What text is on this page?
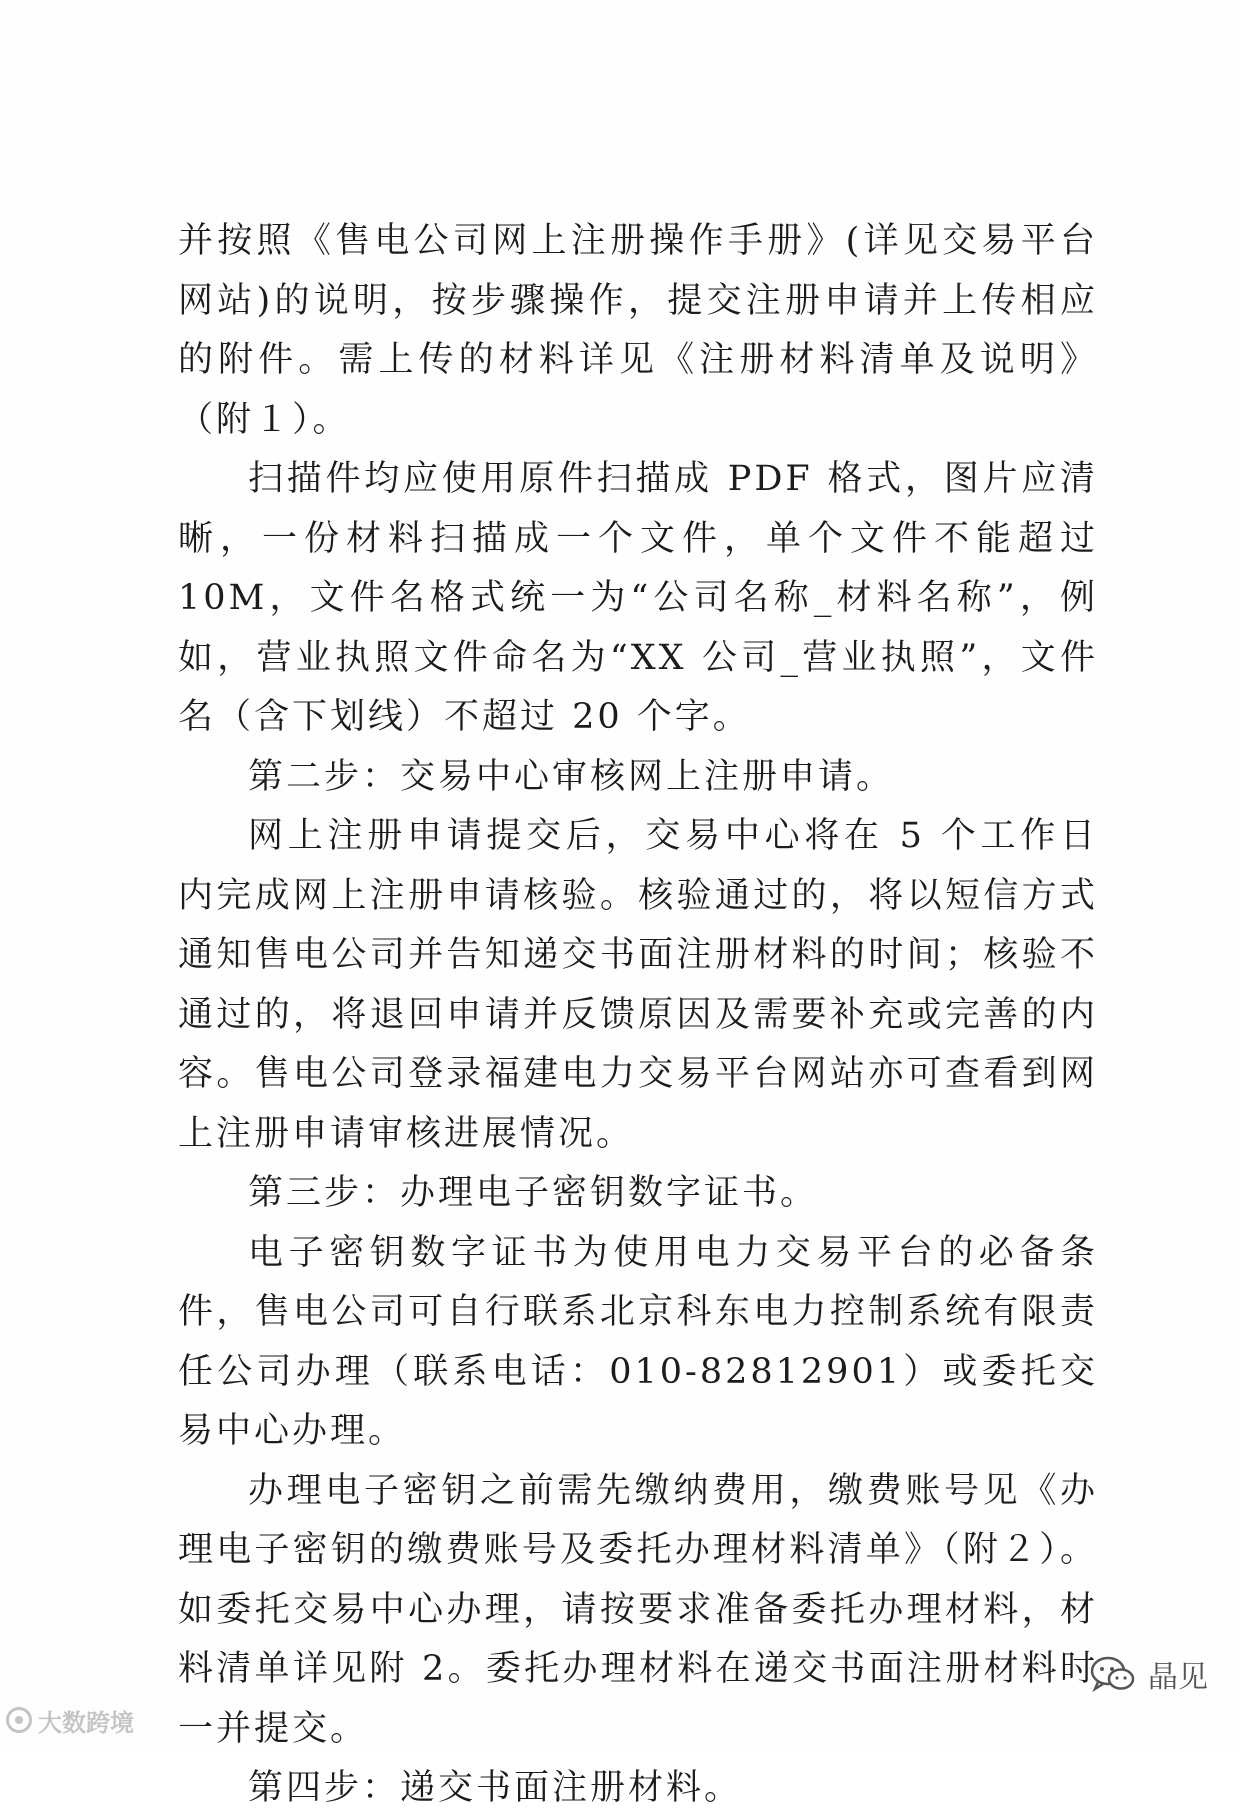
并按照《售电公司网上注册操作手册》(详见交易平台网站)的说明，按步骤操作，提交注册申请并上传相应的附件。需上传的材料详见《注册材料清单及说明》（附１）。

扫描件均应使用原件扫描成 PDF 格式，图片应清晰，一份材料扫描成一个文件，单个文件不能超过 10M，文件名格式统一为“公司名称_材料名称”，例如，营业执照文件命名为“XX 公司_营业执照”，文件名（含下划线）不超过 20 个字。

第二步：交易中心审核网上注册申请。

网上注册申请提交后，交易中心将在 5 个工作日内完成网上注册申请核验。核验通过的，将以短信方式通知售电公司并告知递交书面注册材料的时间；核验不通过的，将退回申请并反馈原因及需要补充或完善的内容。售电公司登录福建电力交易平台网站亦可查看到网上注册申请审核进展情况。

第三步：办理电子密钥数字证书。

电子密钥数字证书为使用电力交易平台的必备条件，售电公司可自行联系北京科东电力控制系统有限责任公司办理（联系电话：010-82812901）或委托交易中心办理。

办理电子密钥之前需先缴纳费用，缴费账号见《办理电子密钥的缴费账号及委托办理材料清单》（附２）。如委托交易中心办理，请按要求准备委托办理材料，材料清单详见附 2。委托办理材料在递交书面注册材料时一并提交。

第四步：递交书面注册材料。

大数跨境
晶见
